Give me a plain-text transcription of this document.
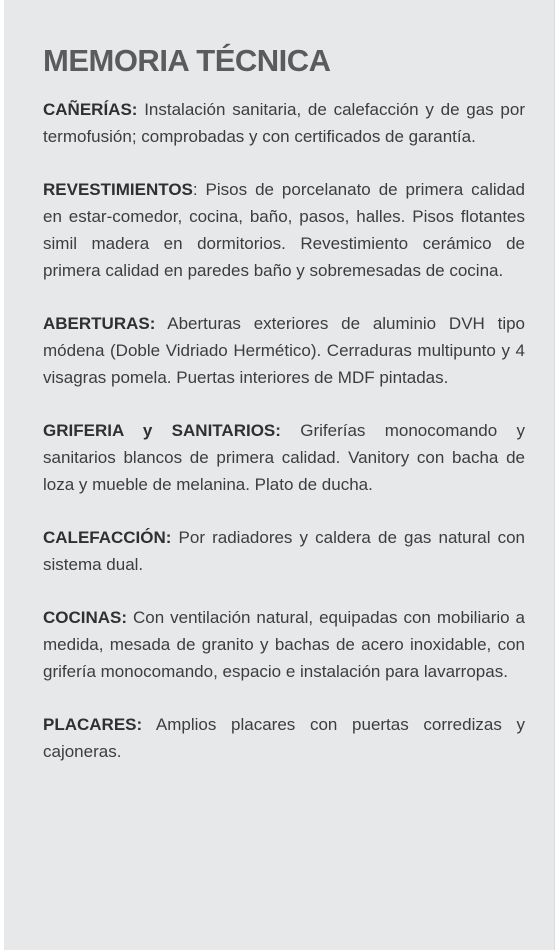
MEMORIA TÉCNICA

CAÑERÍAS: Instalación sanitaria, de calefacción y de gas por termofusión; comprobadas y con certificados de garantía.

REVESTIMIENTOS: Pisos de porcelanato de primera calidad en estar-comedor, cocina, baño, pasos, halles. Pisos flotantes simil madera en dormitorios. Revestimiento cerámico de primera calidad en paredes baño y sobremesadas de cocina.

ABERTURAS: Aberturas exteriores de aluminio DVH tipo módena (Doble Vidriado Hermético). Cerraduras multipunto y 4 visagras pomela. Puertas interiores de MDF pintadas.

GRIFERIA y SANITARIOS: Griferías monocomando y sanitarios blancos de primera calidad. Vanitory con bacha de loza y mueble de melanina. Plato de ducha.

CALEFACCIÓN: Por radiadores y caldera de gas natural con sistema dual.

COCINAS: Con ventilación natural, equipadas con mobiliario a medida, mesada de granito y bachas de acero inoxidable, con grifería monocomando, espacio e instalación para lavarropas.

PLACARES: Amplios placares con puertas corredizas y cajoneras.
